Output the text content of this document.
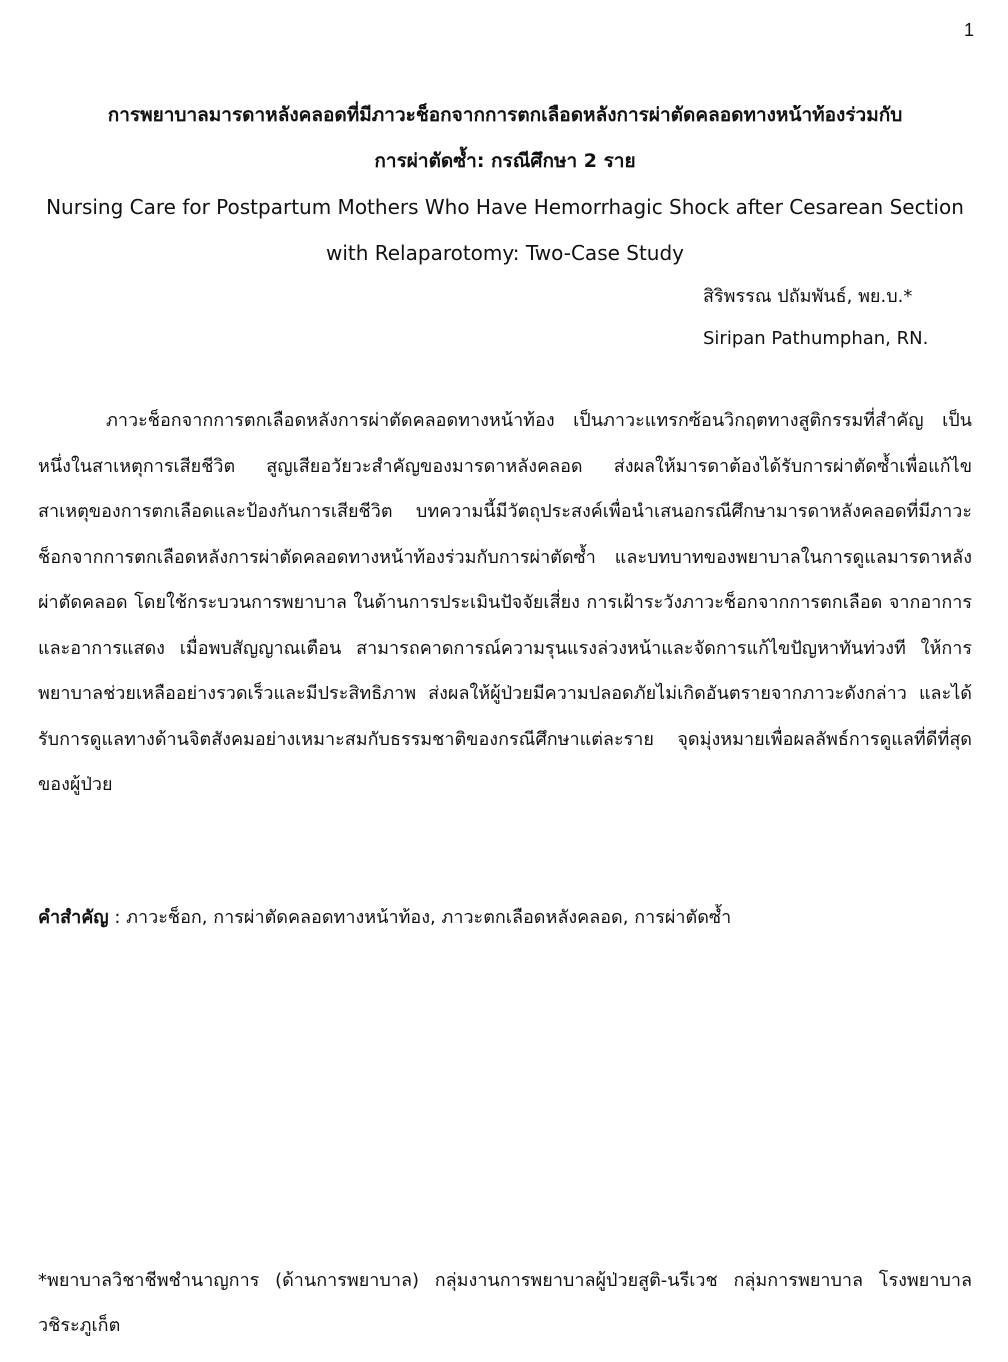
1

การพยาบาลมารดาหลังคลอดที่มีภาวะช็อกจากการตกเลือดหลังการผ่าตัดคลอดทางหน้าท้องร่วมกับ

การผ่าตัดซ้ำ: กรณีศึกษา 2 ราย

Nursing Care for Postpartum Mothers Who Have Hemorrhagic Shock after Cesarean Section

with Relaparotomy: Two-Case Study

สิริพรรณ ปถัมพันธ์, พย.บ.*
Siripan Pathumphan, RN.

ภาวะช็อกจากการตกเลือดหลังการผ่าตัดคลอดทางหน้าท้อง เป็นภาวะแทรกซ้อนวิกฤตทางสูติกรรมที่สำคัญ เป็นหนึ่งในสาเหตุการเสียชีวิต สูญเสียอวัยวะสำคัญของมารดาหลังคลอด ส่งผลให้มารดาต้องได้รับการผ่าตัดซ้ำเพื่อแก้ไขสาเหตุของการตกเลือดและป้องกันการเสียชีวิต บทความนี้มีวัตถุประสงค์เพื่อนำเสนอกรณีศึกษามารดาหลังคลอดที่มีภาวะช็อกจากการตกเลือดหลังการผ่าตัดคลอดทางหน้าท้องร่วมกับการผ่าตัดซ้ำ และบทบาทของพยาบาลในการดูแลมารดาหลังผ่าตัดคลอด โดยใช้กระบวนการพยาบาล ในด้านการประเมินปัจจัยเสี่ยง การเฝ้าระวังภาวะช็อกจากการตกเลือด จากอาการและอาการแสดง เมื่อพบสัญญาณเตือน สามารถคาดการณ์ความรุนแรงล่วงหน้าและจัดการแก้ไขปัญหาทันท่วงที ให้การพยาบาลช่วยเหลืออย่างรวดเร็วและมีประสิทธิภาพ ส่งผลให้ผู้ป่วยมีความปลอดภัยไม่เกิดอันตรายจากภาวะดังกล่าว และได้รับการดูแลทางด้านจิตสังคมอย่างเหมาะสมกับธรรมชาติของกรณีศึกษาแต่ละราย จุดมุ่งหมายเพื่อผลลัพธ์การดูแลที่ดีที่สุดของผู้ป่วย

คำสำคัญ : ภาวะช็อก, การผ่าตัดคลอดทางหน้าท้อง, ภาวะตกเลือดหลังคลอด, การผ่าตัดซ้ำ

*พยาบาลวิชาชีพชำนาญการ (ด้านการพยาบาล) กลุ่มงานการพยาบาลผู้ป่วยสูติ-นรีเวช กลุ่มการพยาบาล โรงพยาบาลวชิระภูเก็ต
